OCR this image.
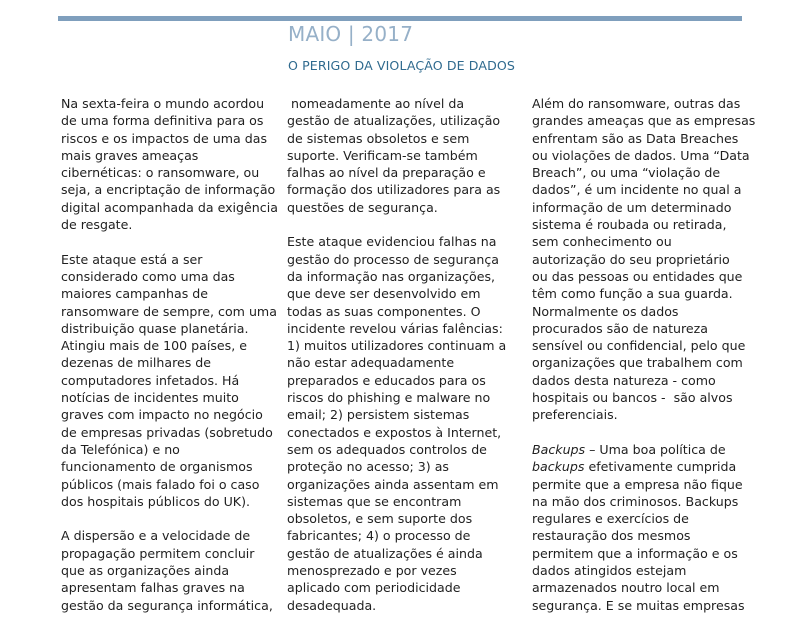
MAIO | 2017
O PERIGO DA VIOLAÇÃO DE DADOS

Na sexta-feira o mundo acordou
de uma forma definitiva para os
riscos e os impactos de uma das
mais graves ameaças
cibernéticas: o ransomware, ou
seja, a encriptação de informação
digital acompanhada da exigência
de resgate.

Este ataque está a ser
considerado como uma das
maiores campanhas de
ransomware de sempre, com uma
distribuição quase planetária.
Atingiu mais de 100 países, e
dezenas de milhares de
computadores infetados. Há
notícias de incidentes muito
graves com impacto no negócio
de empresas privadas (sobretudo
da Telefónica) e no
funcionamento de organismos
públicos (mais falado foi o caso
dos hospitais públicos do UK).

A dispersão e a velocidade de
propagação permitem concluir
que as organizações ainda
apresentam falhas graves na
gestão da segurança informática,

nomeadamente ao nível da
gestão de atualizações, utilização
de sistemas obsoletos e sem
suporte. Verificam-se também
falhas ao nível da preparação e
formação dos utilizadores para as
questões de segurança.

Este ataque evidenciou falhas na
gestão do processo de segurança
da informação nas organizações,
que deve ser desenvolvido em
todas as suas componentes. O
incidente revelou várias falências:
1) muitos utilizadores continuam a
não estar adequadamente
preparados e educados para os
riscos do phishing e malware no
email; 2) persistem sistemas
conectados e expostos à Internet,
sem os adequados controlos de
proteção no acesso; 3) as
organizações ainda assentam em
sistemas que se encontram
obsoletos, e sem suporte dos
fabricantes; 4) o processo de
gestão de atualizações é ainda
menosprezado e por vezes
aplicado com periodicidade
desadequada.

Além do ransomware, outras das
grandes ameaças que as empresas
enfrentam são as Data Breaches
ou violações de dados. Uma “Data
Breach”, ou uma “violação de
dados”, é um incidente no qual a
informação de um determinado
sistema é roubada ou retirada,
sem conhecimento ou
autorização do seu proprietário
ou das pessoas ou entidades que
têm como função a sua guarda.
Normalmente os dados
procurados são de natureza
sensível ou confidencial, pelo que
organizações que trabalhem com
dados desta natureza - como
hospitais ou bancos -  são alvos
preferenciais.

Backups – Uma boa política de
backups efetivamente cumprida
permite que a empresa não fique
na mão dos criminosos. Backups
regulares e exercícios de
restauração dos mesmos
permitem que a informação e os
dados atingidos estejam
armazenados noutro local em
segurança. E se muitas empresas
